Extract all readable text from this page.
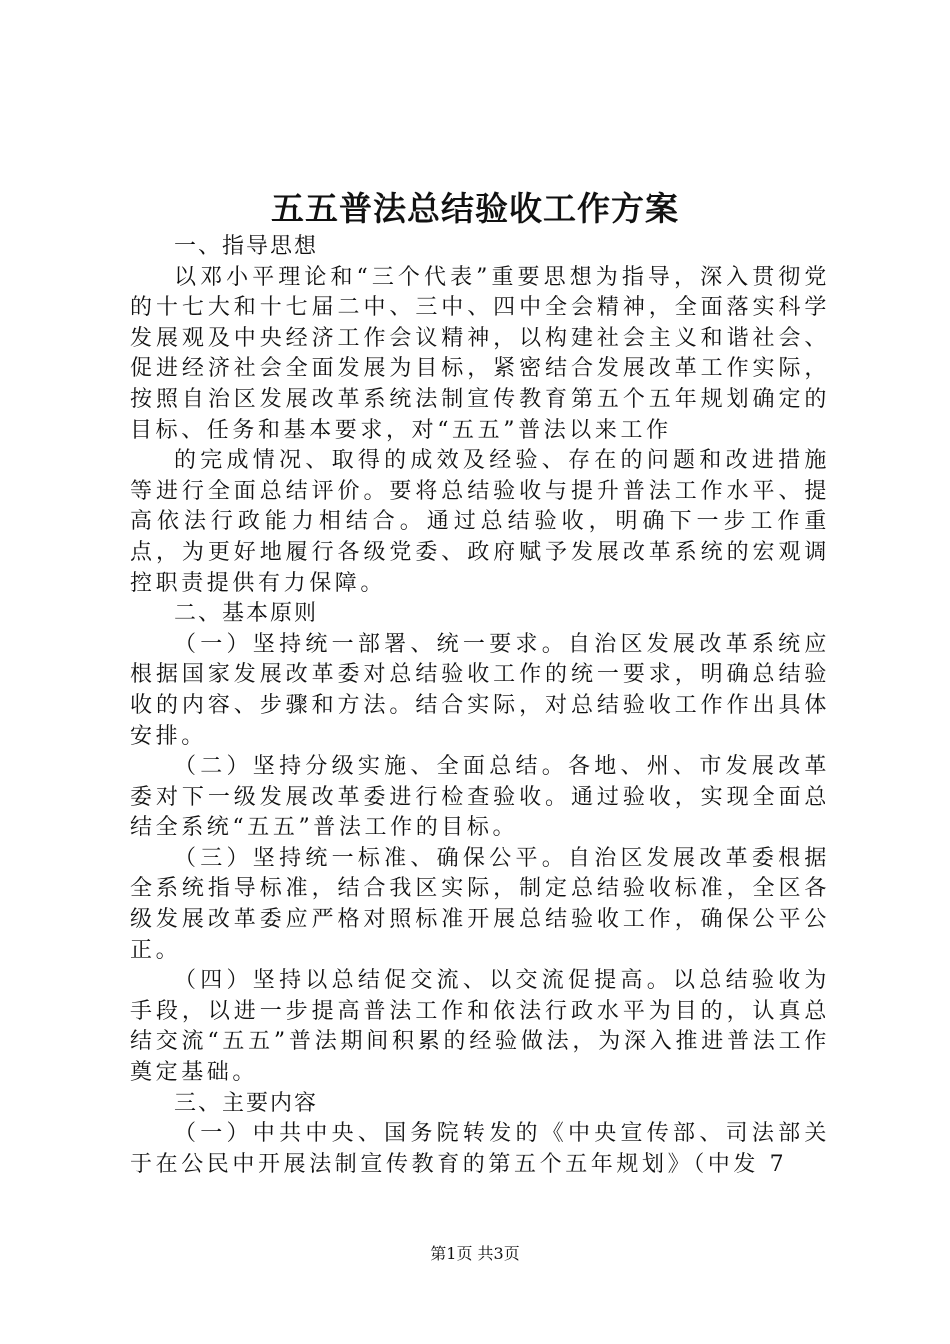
五五普法总结验收工作方案

一、指导思想

以邓小平理论和“三个代表”重要思想为指导，深入贯彻党的十七大和十七届二中、三中、四中全会精神，全面落实科学发展观及中央经济工作会议精神，以构建社会主义和谐社会、促进经济社会全面发展为目标，紧密结合发展改革工作实际，按照自治区发展改革系统法制宣传教育第五个五年规划确定的目标、任务和基本要求，对“五五”普法以来工作

的完成情况、取得的成效及经验、存在的问题和改进措施等进行全面总结评价。要将总结验收与提升普法工作水平、提高依法行政能力相结合。通过总结验收，明确下一步工作重点，为更好地履行各级党委、政府赋予发展改革系统的宏观调控职责提供有力保障。

二、基本原则

（一）坚持统一部署、统一要求。自治区发展改革系统应根据国家发展改革委对总结验收工作的统一要求，明确总结验收的内容、步骤和方法。结合实际，对总结验收工作作出具体安排。

（二）坚持分级实施、全面总结。各地、州、市发展改革委对下一级发展改革委进行检查验收。通过验收，实现全面总结全系统“五五”普法工作的目标。

（三）坚持统一标准、确保公平。自治区发展改革委根据全系统指导标准，结合我区实际，制定总结验收标准，全区各级发展改革委应严格对照标准开展总结验收工作，确保公平公正。

（四）坚持以总结促交流、以交流促提高。以总结验收为手段，以进一步提高普法工作和依法行政水平为目的，认真总结交流“五五”普法期间积累的经验做法，为深入推进普法工作奠定基础。

三、主要内容

（一）中共中央、国务院转发的《中央宣传部、司法部关于在公民中开展法制宣传教育的第五个五年规划》（中发 7

第1页 共3页
